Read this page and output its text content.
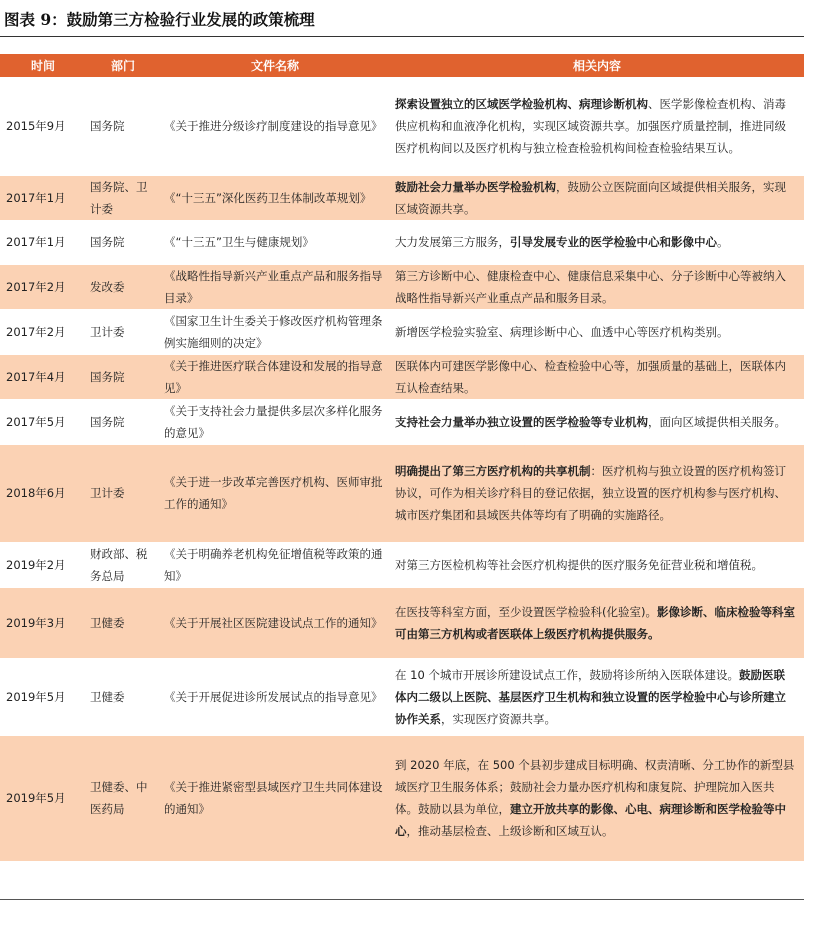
图表 9：鼓励第三方检验行业发展的政策梳理
时间	部门	文件名称	相关内容
2015年9月	国务院	《关于推进分级诊疗制度建设的指导意见》	探索设置独立的区域医学检验机构、病理诊断机构、医学影像检查机构、消毒供应机构和血液净化机构，实现区域资源共享。加强医疗质量控制，推进同级医疗机构间以及医疗机构与独立检查检验机构间检查检验结果互认。
2017年1月	国务院、卫计委	《“十三五”深化医药卫生体制改革规划》	鼓励社会力量举办医学检验机构，鼓励公立医院面向区域提供相关服务，实现区域资源共享。
2017年1月	国务院	《“十三五”卫生与健康规划》	大力发展第三方服务，引导发展专业的医学检验中心和影像中心。
2017年2月	发改委	《战略性指导新兴产业重点产品和服务指导目录》	第三方诊断中心、健康检查中心、健康信息采集中心、分子诊断中心等被纳入战略性指导新兴产业重点产品和服务目录。
2017年2月	卫计委	《国家卫生计生委关于修改医疗机构管理条例实施细则的决定》	新增医学检验实验室、病理诊断中心、血透中心等医疗机构类别。
2017年4月	国务院	《关于推进医疗联合体建设和发展的指导意见》	医联体内可建医学影像中心、检查检验中心等，加强质量的基础上，医联体内互认检查结果。
2017年5月	国务院	《关于支持社会力量提供多层次多样化服务的意见》	支持社会力量举办独立设置的医学检验等专业机构，面向区域提供相关服务。
2018年6月	卫计委	《关于进一步改革完善医疗机构、医师审批工作的通知》	明确提出了第三方医疗机构的共享机制：医疗机构与独立设置的医疗机构签订协议，可作为相关诊疗科目的登记依据，独立设置的医疗机构参与医疗机构、城市医疗集团和县域医共体等均有了明确的实施路径。
2019年2月	财政部、税务总局	《关于明确养老机构免征增值税等政策的通知》	对第三方医检机构等社会医疗机构提供的医疗服务免征营业税和增值税。
2019年3月	卫健委	《关于开展社区医院建设试点工作的通知》	在医技等科室方面，至少设置医学检验科(化验室)。影像诊断、临床检验等科室可由第三方机构或者医联体上级医疗机构提供服务。
2019年5月	卫健委	《关于开展促进诊所发展试点的指导意见》	在 10 个城市开展诊所建设试点工作，鼓励将诊所纳入医联体建设。鼓励医联体内二级以上医院、基层医疗卫生机构和独立设置的医学检验中心与诊所建立协作关系，实现医疗资源共享。
2019年5月	卫健委、中医药局	《关于推进紧密型县域医疗卫生共同体建设的通知》	到 2020 年底，在 500 个县初步建成目标明确、权责清晰、分工协作的新型县域医疗卫生服务体系；鼓励社会力量办医疗机构和康复院、护理院加入医共体。鼓励以县为单位，建立开放共享的影像、心电、病理诊断和医学检验等中心，推动基层检查、上级诊断和区域互认。
